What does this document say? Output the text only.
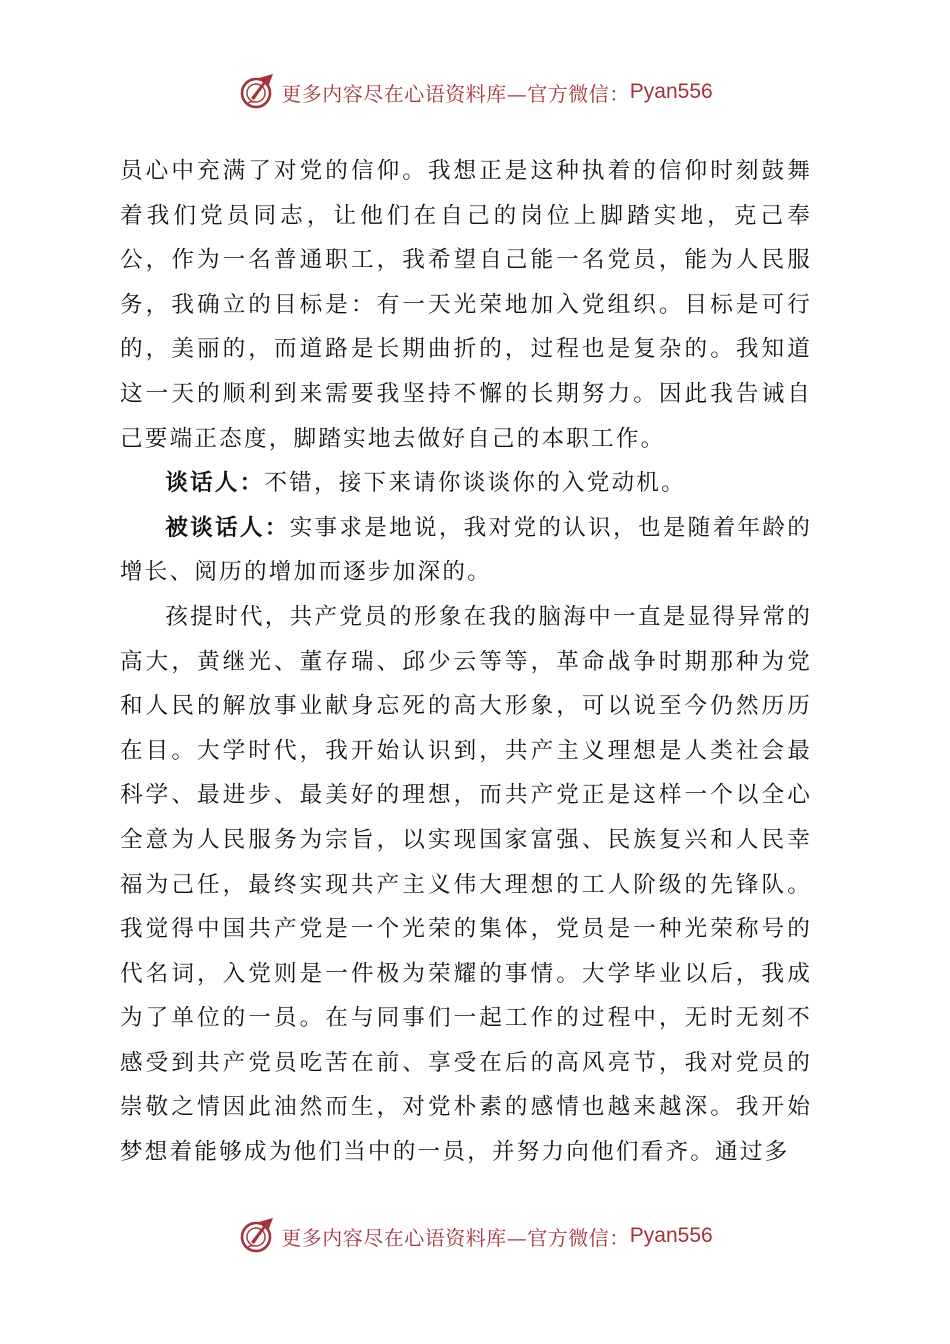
更多内容尽在心语资料库—官方微信： Pyan556

员心中充满了对党的信仰。我想正是这种执着的信仰时刻鼓舞着我们党员同志，让他们在自己的岗位上脚踏实地，克己奉公，作为一名普通职工，我希望自己能一名党员，能为人民服务，我确立的目标是：有一天光荣地加入党组织。目标是可行的，美丽的，而道路是长期曲折的，过程也是复杂的。我知道这一天的顺利到来需要我坚持不懈的长期努力。因此我告诫自己要端正态度，脚踏实地去做好自己的本职工作。

谈话人：不错，接下来请你谈谈你的入党动机。

被谈话人：实事求是地说，我对党的认识，也是随着年龄的增长、阅历的增加而逐步加深的。

孩提时代，共产党员的形象在我的脑海中一直是显得异常的高大，黄继光、董存瑞、邱少云等等，革命战争时期那种为党和人民的解放事业献身忘死的高大形象，可以说至今仍然历历在目。大学时代，我开始认识到，共产主义理想是人类社会最科学、最进步、最美好的理想，而共产党正是这样一个以全心全意为人民服务为宗旨，以实现国家富强、民族复兴和人民幸福为己任，最终实现共产主义伟大理想的工人阶级的先锋队。我觉得中国共产党是一个光荣的集体，党员是一种光荣称号的代名词，入党则是一件极为荣耀的事情。大学毕业以后，我成为了单位的一员。在与同事们一起工作的过程中，无时无刻不感受到共产党员吃苦在前、享受在后的高风亮节，我对党员的崇敬之情因此油然而生，对党朴素的感情也越来越深。我开始梦想着能够成为他们当中的一员，并努力向他们看齐。通过多

更多内容尽在心语资料库—官方微信： Pyan556
